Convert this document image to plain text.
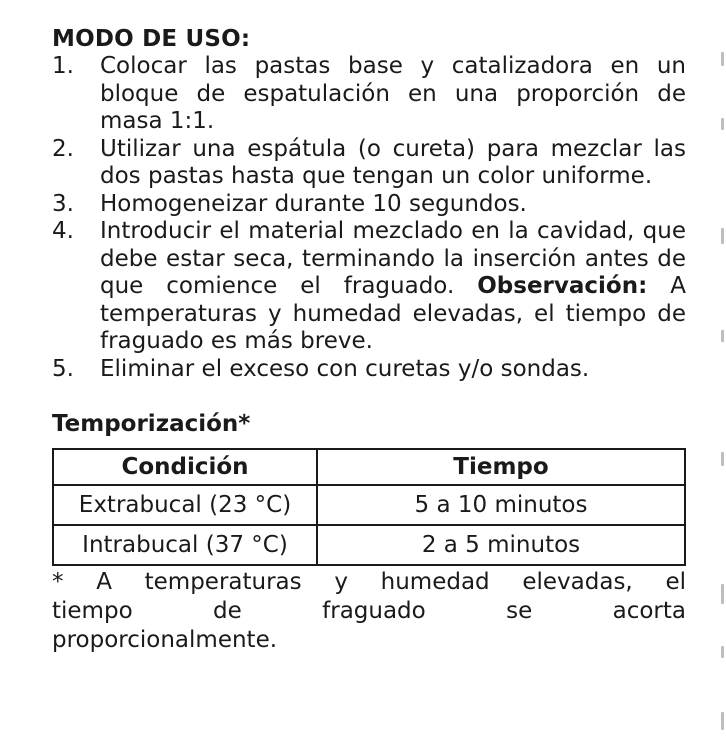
MODO DE USO:
1. Colocar las pastas base y catalizadora en un bloque de espatulación en una proporción de masa 1:1.
2. Utilizar una espátula (o cureta) para mezclar las dos pastas hasta que tengan un color uniforme.
3. Homogeneizar durante 10 segundos.
4. Introducir el material mezclado en la cavidad, que debe estar seca, terminando la inserción antes de que comience el fraguado. Observación: A temperaturas y humedad elevadas, el tiempo de fraguado es más breve.
5. Eliminar el exceso con curetas y/o sondas.
Temporización*
Condición	Tiempo
Extrabucal (23 °C)	5 a 10 minutos
Intrabucal (37 °C)	2 a 5 minutos
* A temperaturas y humedad elevadas, el
tiempo de fraguado se acorta
proporcionalmente.
